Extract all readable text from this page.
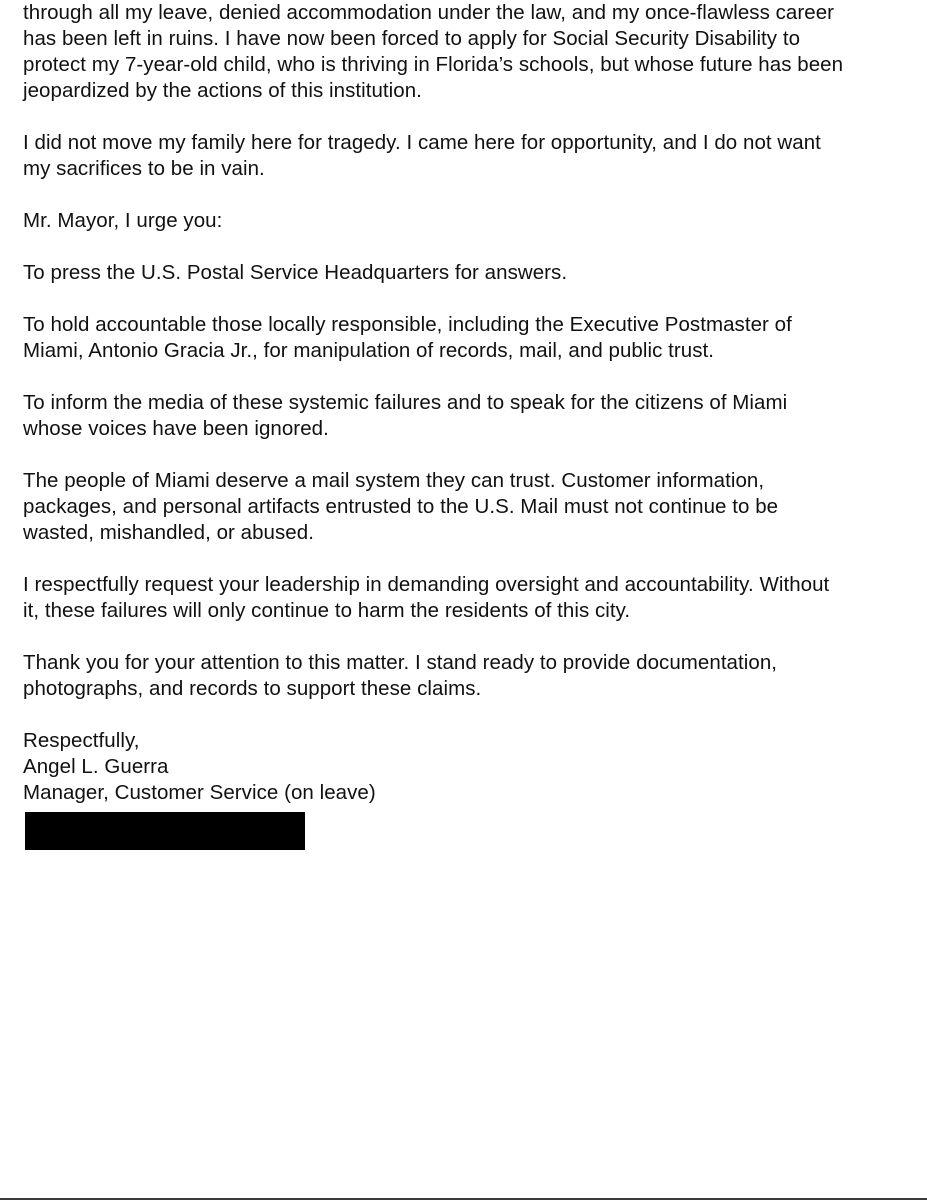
through all my leave, denied accommodation under the law, and my once-flawless career
has been left in ruins. I have now been forced to apply for Social Security Disability to
protect my 7-year-old child, who is thriving in Florida’s schools, but whose future has been
jeopardized by the actions of this institution.

I did not move my family here for tragedy. I came here for opportunity, and I do not want
my sacrifices to be in vain.

Mr. Mayor, I urge you:

To press the U.S. Postal Service Headquarters for answers.

To hold accountable those locally responsible, including the Executive Postmaster of
Miami, Antonio Gracia Jr., for manipulation of records, mail, and public trust.

To inform the media of these systemic failures and to speak for the citizens of Miami
whose voices have been ignored.

The people of Miami deserve a mail system they can trust. Customer information,
packages, and personal artifacts entrusted to the U.S. Mail must not continue to be
wasted, mishandled, or abused.

I respectfully request your leadership in demanding oversight and accountability. Without
it, these failures will only continue to harm the residents of this city.

Thank you for your attention to this matter. I stand ready to provide documentation,
photographs, and records to support these claims.

Respectfully,
Angel L. Guerra
Manager, Customer Service (on leave)
